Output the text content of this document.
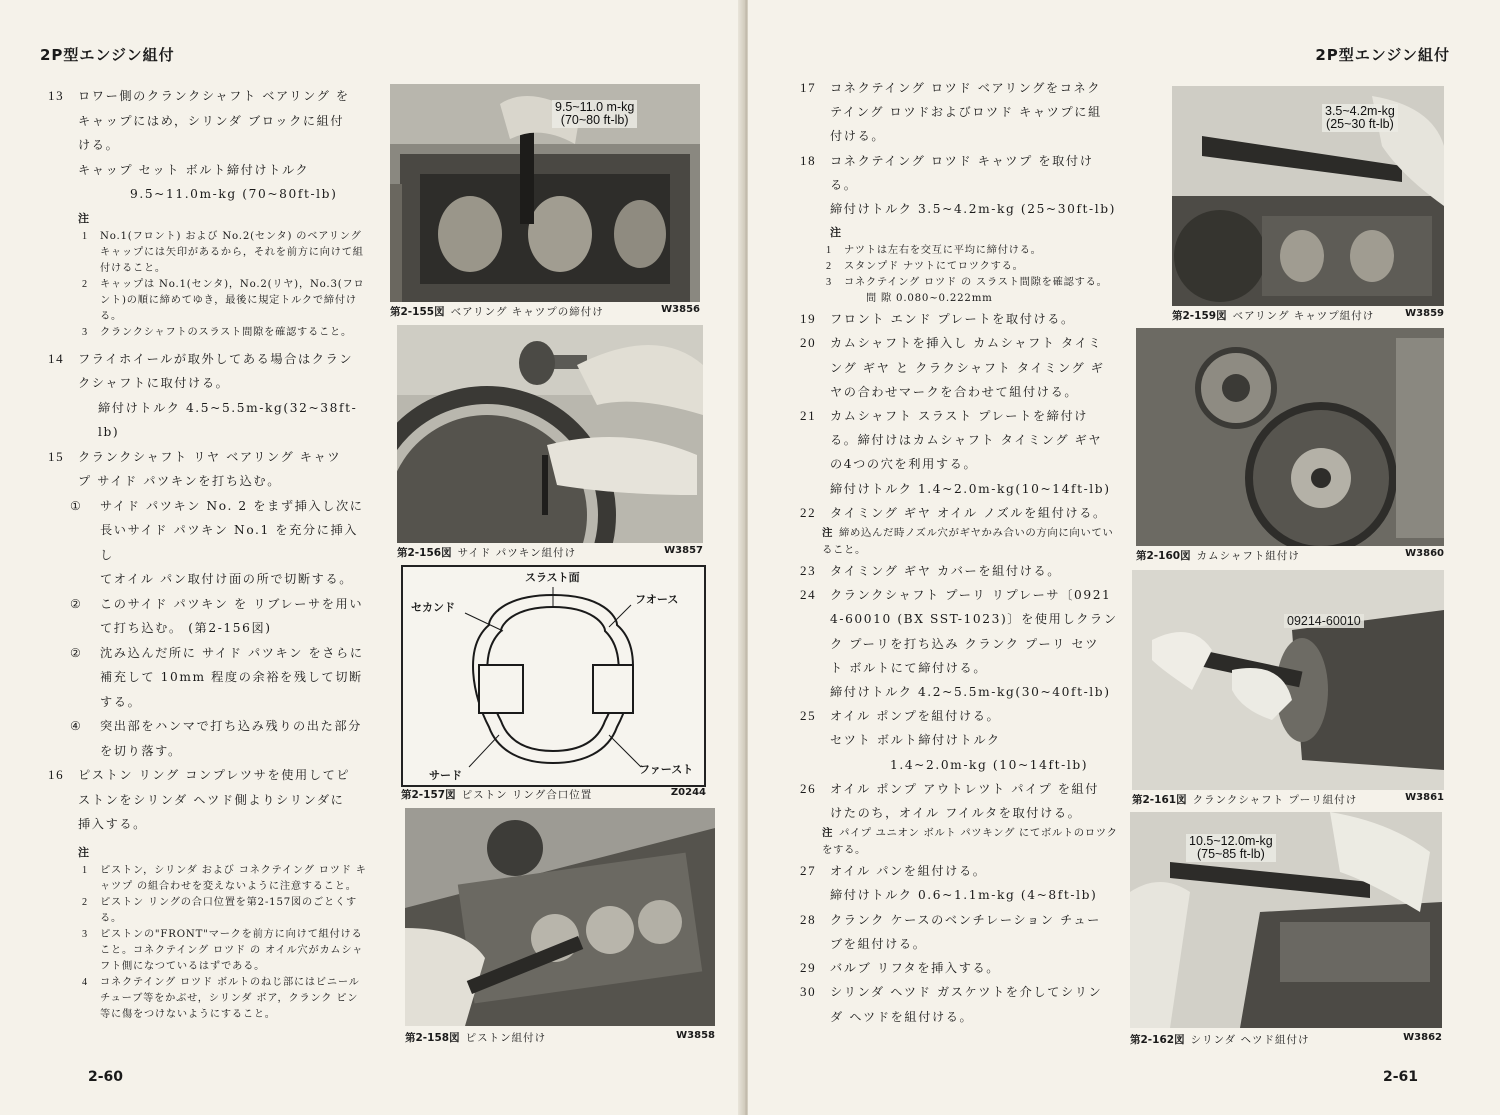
2P型エンジン組付
13	ロワー側のクランクシャフト ベアリング を
キャップにはめ，シリンダ ブロックに組付
ける。
キャップ セット ボルト締付けトルク
9.5~11.0m-kg (70~80ft-lb)
注
1	No.1(フロント) および No.2(センタ) のベアリング キャップには矢印があるから，それを前方に向けて組付けること。
2	キャップは No.1(センタ)，No.2(リヤ)，No.3(フロント)の順に締めてゆき，最後に規定トルクで締付ける。
3	クランクシャフトのスラスト間隙を確認すること。
14	フライホイールが取外してある場合はクラン
クシャフトに取付ける。
締付けトルク 4.5~5.5m-kg(32~38ft-lb)
15	クランクシャフト リヤ ベアリング キャツ
プ サイド パツキンを打ち込む。
①	サイド パツキン No. 2 をまず挿入し次に
長いサイド パツキン No.1 を充分に挿入し
てオイル パン取付け面の所で切断する。
②	このサイド パツキン を リブレーサを用い
て打ち込む。 (第2-156図)
②	沈み込んだ所に サイド パツキン をさらに
補充して 10mm 程度の余裕を残して切断
する。
④	突出部をハンマで打ち込み残りの出た部分
を切り落す。
16	ピストン リング コンプレツサを使用してピ
ストンをシリンダ ヘツド側よりシリンダに
挿入する。
注
1	ピストン，シリンダ および コネクテイング ロツド キャツプ の組合わせを変えないように注意すること。
2	ピストン リングの合口位置を第2-157図のごとくする。
3	ピストンの"FRONT"マークを前方に向けて組付けること。コネクテイング ロツド の オイル穴がカムシャフト側になつているはずである。
4	コネクテイング ロツド ボルトのねじ部にはビニール チューブ等をかぶせ，シリンダ ボア，クランク ピン 等に傷をつけないようにすること。
9.5~11.0 m-kg
(70~80 ft-lb)
第2-155図 ベアリング キャツプの締付け	W3856
第2-156図 サイド パツキン組付け	W3857
スラスト面
セカンド
フオース
サード	ファースト
第2-157図 ピストン リング合口位置	Z0244
第2-158図 ピストン組付け	W3858
2-60
2P型エンジン組付
2-61
3.5~4.2m-kg
(25~30 ft-lb)
第2-159図 ベアリング キャツプ組付け	W3859
第2-160図 カムシャフト組付け	W3860
09214-60010
第2-161図 クランクシャフト プーリ組付け	W3861
10.5~12.0m-kg
(75~85 ft-lb)
第2-162図 シリンダ ヘツド組付け	W3862
17	コネクテイング ロツド ベアリングをコネク
テイング ロツドおよびロツド キャツプに組
付ける。
18	コネクテイング ロツド キャツプ を取付け
る。
締付けトルク 3.5~4.2m-kg (25~30ft-lb)
注
1	ナツトは左右を交互に平均に締付ける。
2	スタンプド ナツトにてロツクする。
3	コネクテイング ロツド の スラスト間隙を確認する。
間 隙 0.080~0.222mm
19	フロント エンド プレートを取付ける。
20	カムシャフトを挿入し カムシャフト タイミ
ング ギヤ と クラクシャフト タイミング ギ
ヤの合わせマークを合わせて組付ける。
21	カムシャフト スラスト プレートを締付け
る。締付けはカムシャフト タイミング ギヤ
の4つの穴を利用する。
締付けトルク 1.4~2.0m-kg(10~14ft-lb)
22	タイミング ギヤ オイル ノズルを組付ける。
注 締め込んだ時ノズル穴がギヤかみ合いの方向に向いていること。
23	タイミング ギヤ カバーを組付ける。
24	クランクシャフト プーリ リプレーサ〔0921
4-60010 (BX SST-1023)〕を使用しクラン
ク プーリを打ち込み クランク プーリ セツ
ト ボルトにて締付ける。
締付けトルク 4.2~5.5m-kg(30~40ft-lb)
25	オイル ポンプを組付ける。
セツト ボルト締付けトルク
1.4~2.0m-kg (10~14ft-lb)
26	オイル ポンプ アウトレツト パイプ を組付
けたのち，オイル フイルタを取付ける。
注 パイプ ユニオン ボルト パツキング にてボルトのロツクをする。
27	オイル パンを組付ける。
締付けトルク 0.6~1.1m-kg (4~8ft-lb)
28	クランク ケースのベンチレーション チュー
ブを組付ける。
29	バルブ リフタを挿入する。
30	シリンダ ヘツド ガスケツトを介してシリン
ダ ヘツドを組付ける。
